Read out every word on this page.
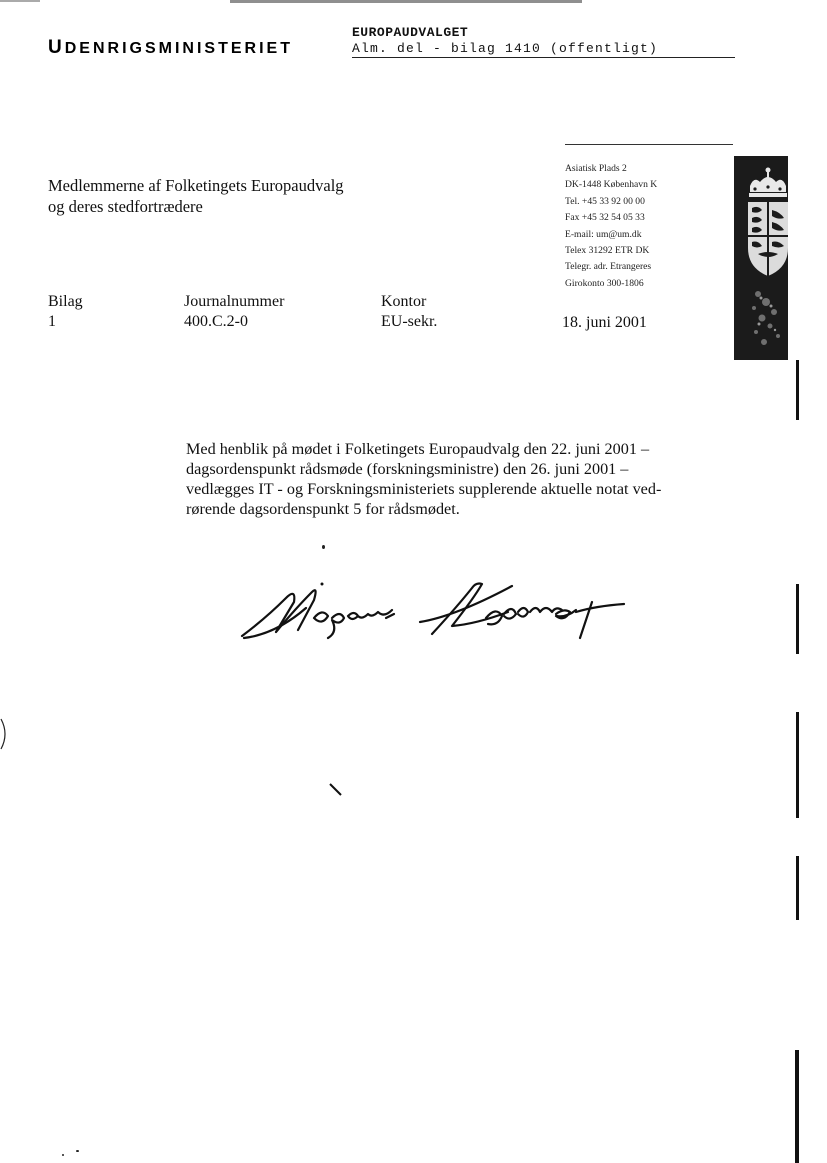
UDENRIGSMINISTERIET
EUROPAUDVALGET
Alm. del - bilag 1410 (offentligt)
Medlemmerne af Folketingets Europaudvalg
og deres stedfortrædere
Asiatisk Plads 2
DK-1448 København K
Tel. +45 33 92 00 00
Fax +45 32 54 05 33
E-mail: um@um.dk
Telex 31292 ETR DK
Telegr. adr. Etrangeres
Girokonto 300-1806
Bilag
1
Journalnummer
400.C.2-0
Kontor
EU-sekr.	18. juni 2001
Med henblik på mødet i Folketingets Europaudvalg den 22. juni 2001 –
dagsordenspunkt rådsmøde (forskningsministre) den 26. juni 2001 –
vedlægges IT - og Forskningsministeriets supplerende aktuelle notat ved-
rørende dagsordenspunkt 5 for rådsmødet.
